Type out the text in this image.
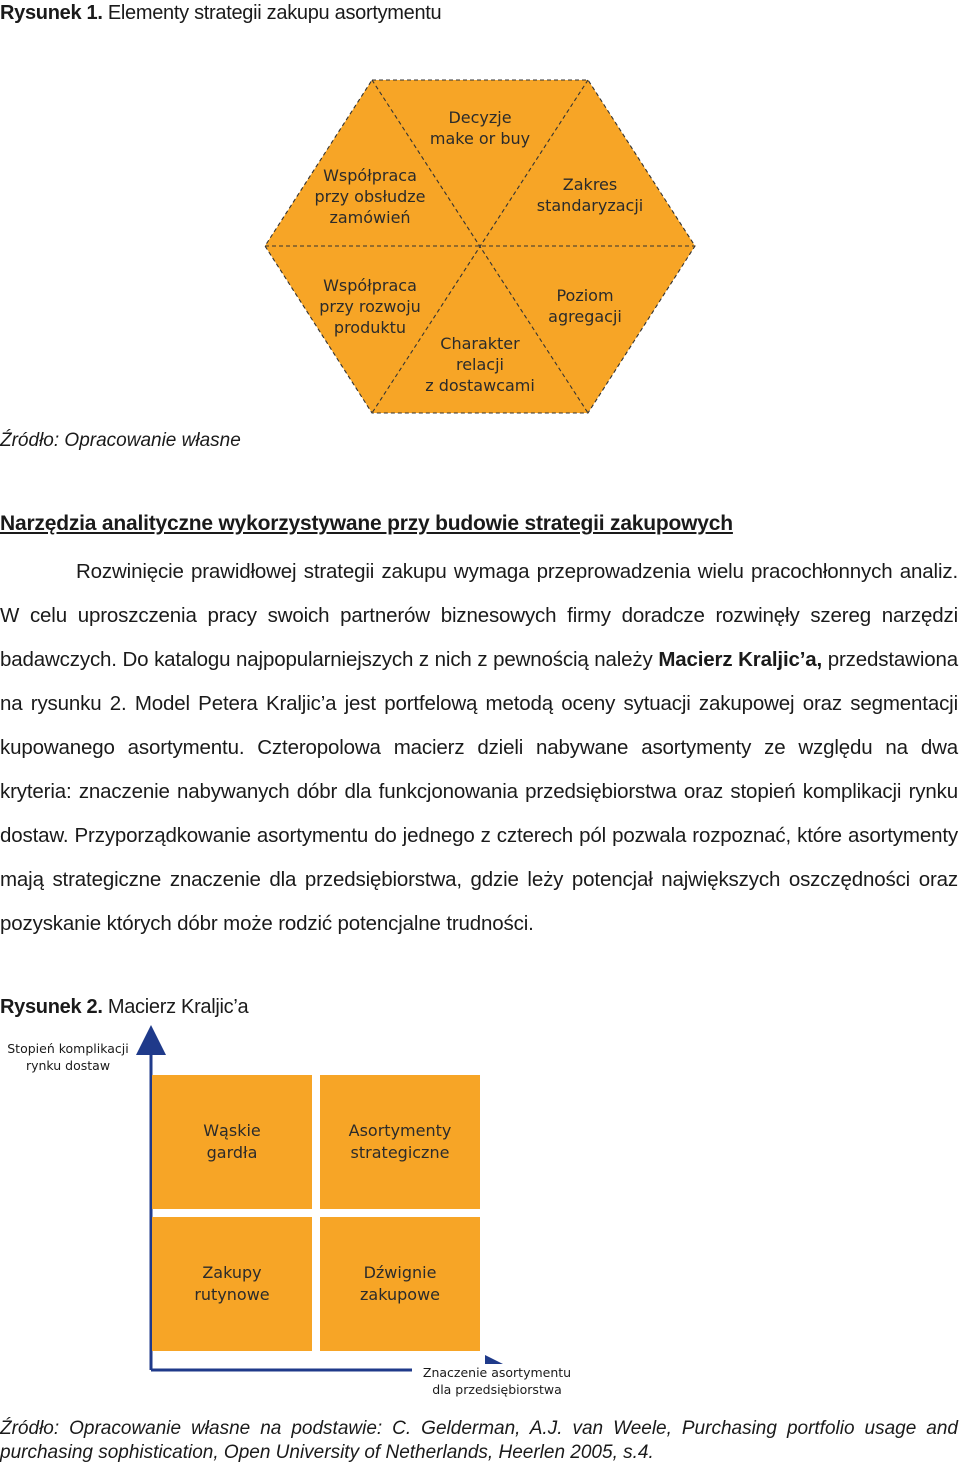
Rysunek 1. Elementy strategii zakupu asortymentu
Decyzje
make or buy
Zakres
standaryzacji
Poziom
agregacji
Charakter
relacji
z dostawcami
Współpraca
przy rozwoju
produktu
Współpraca
przy obsłudze
zamówień
Źródło: Opracowanie własne
Narzędzia analityczne wykorzystywane przy budowie strategii zakupowych
Rozwinięcie prawidłowej strategii zakupu wymaga przeprowadzenia wielu pracochłonnych analiz. W celu uproszczenia pracy swoich partnerów biznesowych firmy doradcze rozwinęły szereg narzędzi badawczych. Do katalogu najpopularniejszych z nich z pewnością należy Macierz Kraljic’a, przedstawiona na rysunku 2. Model Petera Kraljic’a jest portfelową metodą oceny sytuacji zakupowej oraz segmentacji kupowanego asortymentu. Czteropolowa macierz dzieli nabywane asortymenty ze względu na dwa kryteria: znaczenie nabywanych dóbr dla funkcjonowania przedsiębiorstwa oraz stopień komplikacji rynku dostaw. Przyporządkowanie asortymentu do jednego z czterech pól pozwala rozpoznać, które asortymenty mają strategiczne znaczenie dla przedsiębiorstwa, gdzie leży potencjał największych oszczędności oraz pozyskanie których dóbr może rodzić potencjalne trudności.
Rysunek 2. Macierz Kraljic’a
Stopień komplikacji
rynku dostaw
Wąskie
gardła
Asortymenty
strategiczne
Zakupy
rutynowe
Dźwignie
zakupowe
Znaczenie asortymentu
dla przedsiębiorstwa
Źródło: Opracowanie własne na podstawie: C. Gelderman, A.J. van Weele, Purchasing portfolio usage and purchasing sophistication, Open University of Netherlands, Heerlen 2005, s.4.
